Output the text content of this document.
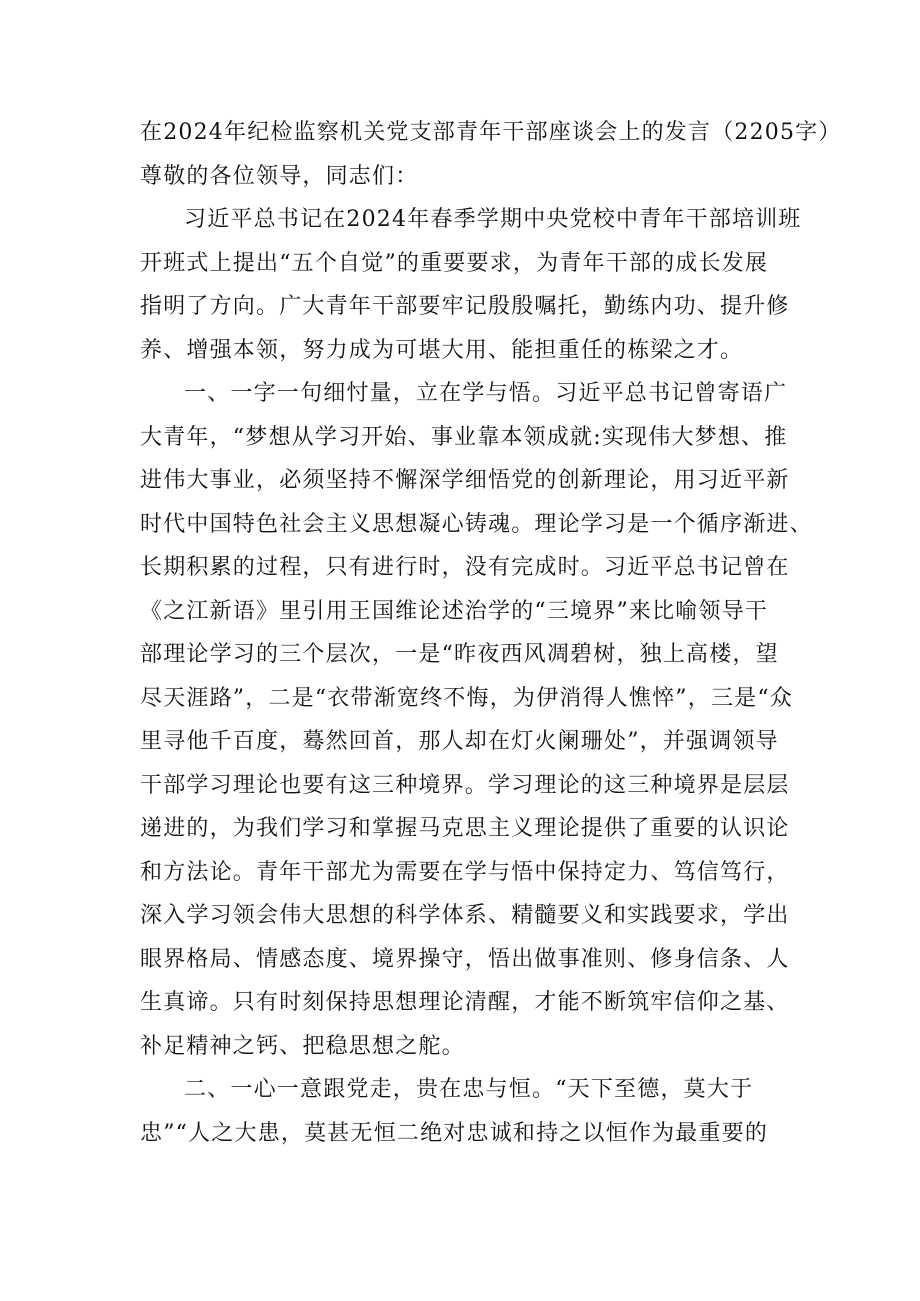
在2024年纪检监察机关党支部青年干部座谈会上的发言（2205字）
尊敬的各位领导，同志们：
习近平总书记在2024年春季学期中央党校中青年干部培训班
开班式上提出“五个自觉”的重要要求，为青年干部的成长发展
指明了方向。广大青年干部要牢记殷殷嘱托，勤练内功、提升修
养、增强本领，努力成为可堪大用、能担重任的栋梁之才。
一、一字一句细忖量，立在学与悟。习近平总书记曾寄语广
大青年，“梦想从学习开始、事业靠本领成就:实现伟大梦想、推
进伟大事业，必须坚持不懈深学细悟党的创新理论，用习近平新
时代中国特色社会主义思想凝心铸魂。理论学习是一个循序渐进、
长期积累的过程，只有进行时，没有完成时。习近平总书记曾在
《之江新语》里引用王国维论述治学的“三境界”来比喻领导干
部理论学习的三个层次，一是“昨夜西风凋碧树，独上高楼，望
尽天涯路”，二是“衣带渐宽终不悔，为伊消得人憔悴”，三是“众
里寻他千百度，蓦然回首，那人却在灯火阑珊处”，并强调领导
干部学习理论也要有这三种境界。学习理论的这三种境界是层层
递进的，为我们学习和掌握马克思主义理论提供了重要的认识论
和方法论。青年干部尤为需要在学与悟中保持定力、笃信笃行，
深入学习领会伟大思想的科学体系、精髓要义和实践要求，学出
眼界格局、情感态度、境界操守，悟出做事准则、修身信条、人
生真谛。只有时刻保持思想理论清醒，才能不断筑牢信仰之基、
补足精神之钙、把稳思想之舵。
二、一心一意跟党走，贵在忠与恒。“天下至德，莫大于
忠”“人之大患，莫甚无恒二绝对忠诚和持之以恒作为最重要的
